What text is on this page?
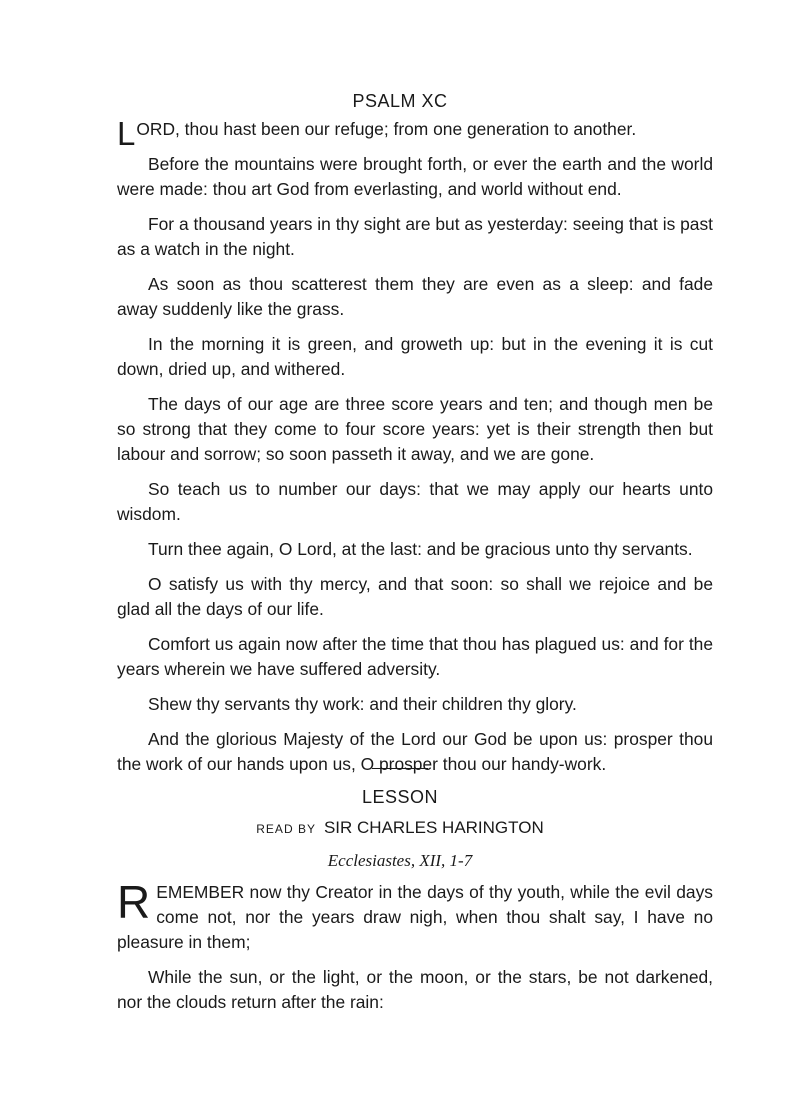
PSALM XC

LORD, thou hast been our refuge; from one generation to another.

Before the mountains were brought forth, or ever the earth and the world were made: thou art God from everlasting, and world without end.

For a thousand years in thy sight are but as yesterday: seeing that is past as a watch in the night.

As soon as thou scatterest them they are even as a sleep: and fade away suddenly like the grass.

In the morning it is green, and groweth up: but in the evening it is cut down, dried up, and withered.

The days of our age are three score years and ten; and though men be so strong that they come to four score years: yet is their strength then but labour and sorrow; so soon passeth it away, and we are gone.

So teach us to number our days: that we may apply our hearts unto wisdom.

Turn thee again, O Lord, at the last: and be gracious unto thy servants.

O satisfy us with thy mercy, and that soon: so shall we rejoice and be glad all the days of our life.

Comfort us again now after the time that thou has plagued us: and for the years wherein we have suffered adversity.

Shew thy servants thy work: and their children thy glory.

And the glorious Majesty of the Lord our God be upon us: prosper thou the work of our hands upon us, O prosper thou our handy-work.

LESSON
READ BY SIR CHARLES HARINGTON
Ecclesiastes, XII, 1-7

REMEMBER now thy Creator in the days of thy youth, while the evil days come not, nor the years draw nigh, when thou shalt say, I have no pleasure in them;

While the sun, or the light, or the moon, or the stars, be not darkened, nor the clouds return after the rain:
